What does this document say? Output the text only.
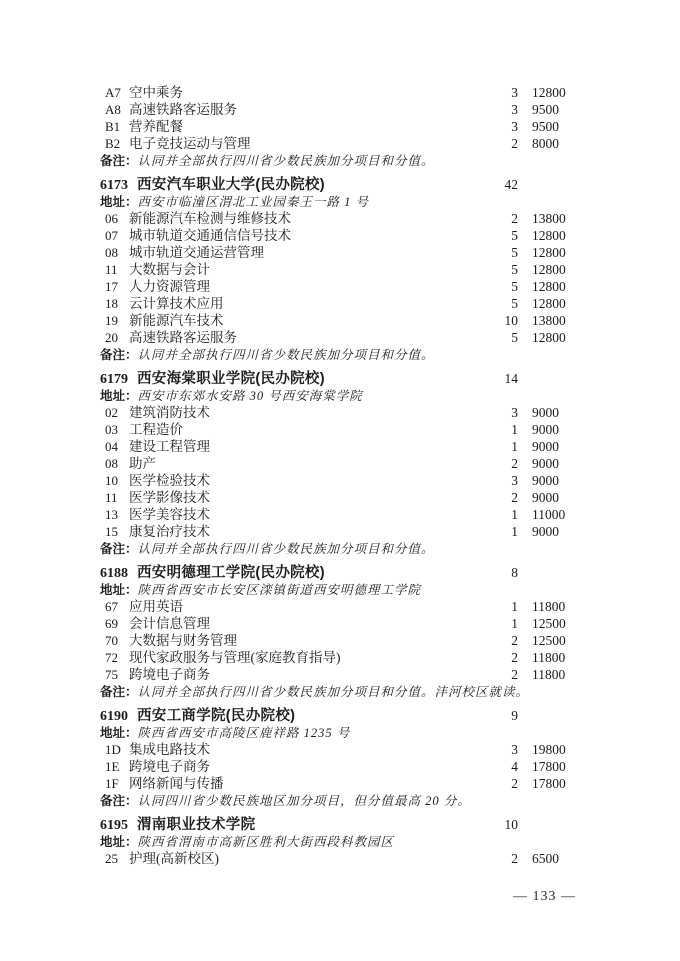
A7 空中乘务	3 12800
A8 高速铁路客运服务	3 9500
B1 营养配餐	3 9500
B2 电子竞技运动与管理	2 8000
备注：认同并全部执行四川省少数民族加分项目和分值。
6173 西安汽车职业大学(民办院校)	42
地址：西安市临潼区渭北工业园秦王一路 1 号
06 新能源汽车检测与维修技术	2 13800
07 城市轨道交通通信信号技术	5 12800
08 城市轨道交通运营管理	5 12800
11 大数据与会计	5 12800
17 人力资源管理	5 12800
18 云计算技术应用	5 12800
19 新能源汽车技术	10 13800
20 高速铁路客运服务	5 12800
备注：认同并全部执行四川省少数民族加分项目和分值。
6179 西安海棠职业学院(民办院校)	14
地址：西安市东郊水安路 30 号西安海棠学院
02 建筑消防技术	3 9000
03 工程造价	1 9000
04 建设工程管理	1 9000
08 助产	2 9000
10 医学检验技术	3 9000
11 医学影像技术	2 9000
13 医学美容技术	1 11000
15 康复治疗技术	1 9000
备注：认同并全部执行四川省少数民族加分项目和分值。
6188 西安明德理工学院(民办院校)	8
地址：陕西省西安市长安区滦镇街道西安明德理工学院
67 应用英语	1 11800
69 会计信息管理	1 12500
70 大数据与财务管理	2 12500
72 现代家政服务与管理(家庭教育指导)	2 11800
75 跨境电子商务	2 11800
备注：认同并全部执行四川省少数民族加分项目和分值。沣河校区就读。
6190 西安工商学院(民办院校)	9
地址：陕西省西安市高陵区鹿祥路 1235 号
1D 集成电路技术	3 19800
1E 跨境电子商务	4 17800
1F 网络新闻与传播	2 17800
备注：认同四川省少数民族地区加分项目，但分值最高 20 分。
6195 渭南职业技术学院	10
地址：陕西省渭南市高新区胜利大街西段科教园区
25 护理(高新校区)	2 6500
— 133 —
